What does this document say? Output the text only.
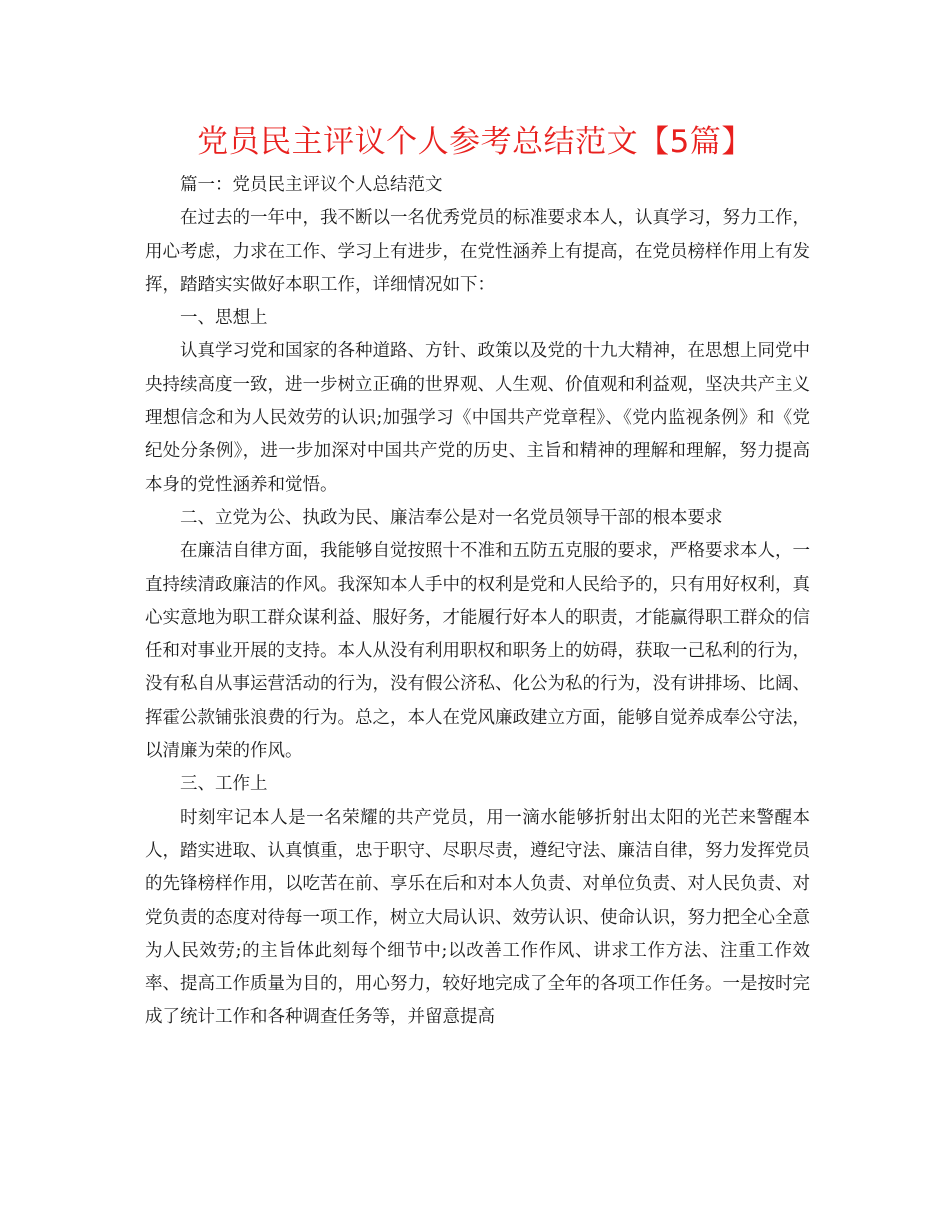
党员民主评议个人参考总结范文【5篇】

篇一：党员民主评议个人总结范文

在过去的一年中，我不断以一名优秀党员的标准要求本人，认真学习，努力工作，用心考虑，力求在工作、学习上有进步，在党性涵养上有提高，在党员榜样作用上有发挥，踏踏实实做好本职工作，详细情况如下：

一、思想上

认真学习党和国家的各种道路、方针、政策以及党的十九大精神，在思想上同党中央持续高度一致，进一步树立正确的世界观、人生观、价值观和利益观，坚决共产主义理想信念和为人民效劳的认识;加强学习《中国共产党章程》、《党内监视条例》和《党纪处分条例》，进一步加深对中国共产党的历史、主旨和精神的理解和理解，努力提高本身的党性涵养和觉悟。

二、立党为公、执政为民、廉洁奉公是对一名党员领导干部的根本要求

在廉洁自律方面，我能够自觉按照十不准和五防五克服的要求，严格要求本人，一直持续清政廉洁的作风。我深知本人手中的权利是党和人民给予的，只有用好权利，真心实意地为职工群众谋利益、服好务，才能履行好本人的职责，才能赢得职工群众的信任和对事业开展的支持。本人从没有利用职权和职务上的妨碍，获取一己私利的行为，没有私自从事运营活动的行为，没有假公济私、化公为私的行为，没有讲排场、比阔、挥霍公款铺张浪费的行为。总之，本人在党风廉政建立方面，能够自觉养成奉公守法，以清廉为荣的作风。

三、工作上

时刻牢记本人是一名荣耀的共产党员，用一滴水能够折射出太阳的光芒来警醒本人，踏实进取、认真慎重，忠于职守、尽职尽责，遵纪守法、廉洁自律，努力发挥党员的先锋榜样作用，以吃苦在前、享乐在后和对本人负责、对单位负责、对人民负责、对党负责的态度对待每一项工作，树立大局认识、效劳认识、使命认识，努力把全心全意为人民效劳;的主旨体此刻每个细节中;以改善工作作风、讲求工作方法、注重工作效率、提高工作质量为目的，用心努力，较好地完成了全年的各项工作任务。一是按时完成了统计工作和各种调查任务等，并留意提高
